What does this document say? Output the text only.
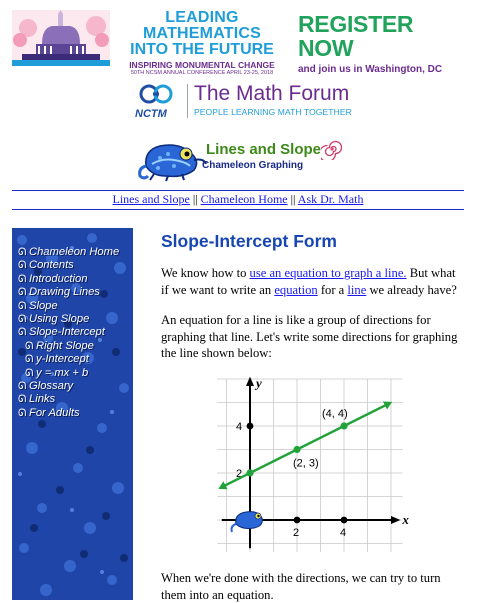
LEADING MATHEMATICS
INTO THE FUTURE
INSPIRING MONUMENTAL CHANGE
50TH NCSM ANNUAL CONFERENCE APRIL 23-25, 2018
REGISTER NOW
and join us in Washington, DC
NCTM
The Math Forum
PEOPLE LEARNING MATH TOGETHER
Lines and Slope
Chameleon Graphing
Lines and Slope || Chameleon Home || Ask Dr. Math
ᘏ Chameleon Home
ᘏ Contents
ᘏ Introduction
ᘏ Drawing Lines
ᘏ Slope
ᘏ Using Slope
ᘏ Slope-Intercept
ᘏ Right Slope
ᘏ y-Intercept
ᘏ y = mx + b
ᘏ Glossary
ᘏ Links
ᘏ For Adults
Slope-Intercept Form

We know how to use an equation to graph a line. But what if we want to write an equation for a line we already have?

An equation for a line is like a group of directions for graphing that line. Let's write some directions for graphing the line shown below:

When we're done with the directions, we can try to turn them into an equation.

y
x
2	4
2
4
(2, 3)
(4, 4)
